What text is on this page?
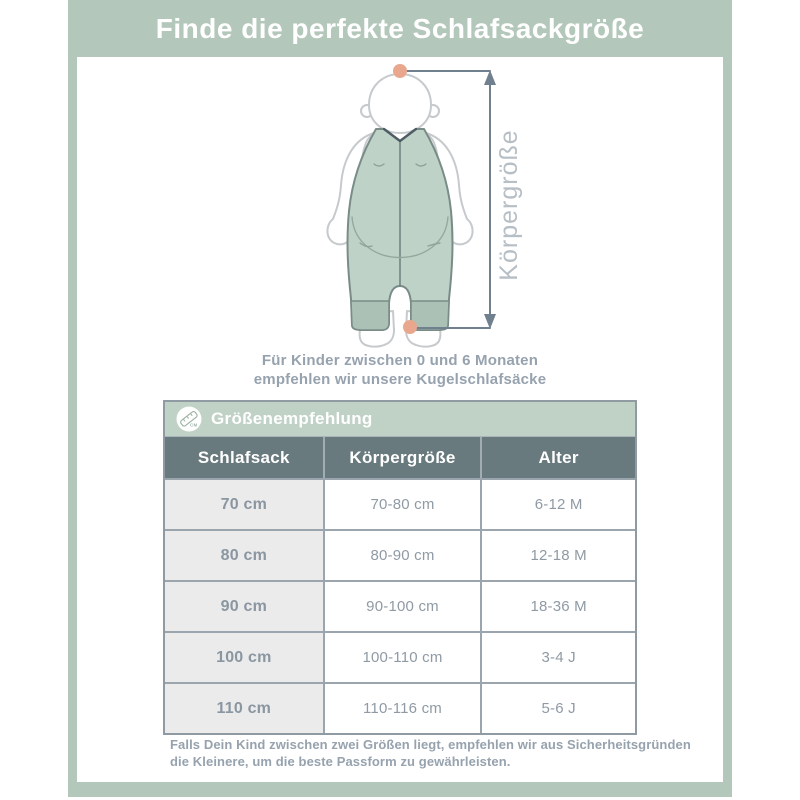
Finde die perfekte Schlafsackgröße
Körpergröße
Für Kinder zwischen 0 und 6 Monaten
empfehlen wir unsere Kugelschlafsäcke
CM Größenempfehlung
Schlafsack	Körpergröße	Alter
70 cm	70-80 cm	6-12 M
80 cm	80-90 cm	12-18 M
90 cm	90-100 cm	18-36 M
100 cm	100-110 cm	3-4 J
110 cm	110-116 cm	5-6 J
Falls Dein Kind zwischen zwei Größen liegt, empfehlen wir aus Sicherheitsgründen
die Kleinere, um die beste Passform zu gewährleisten.
